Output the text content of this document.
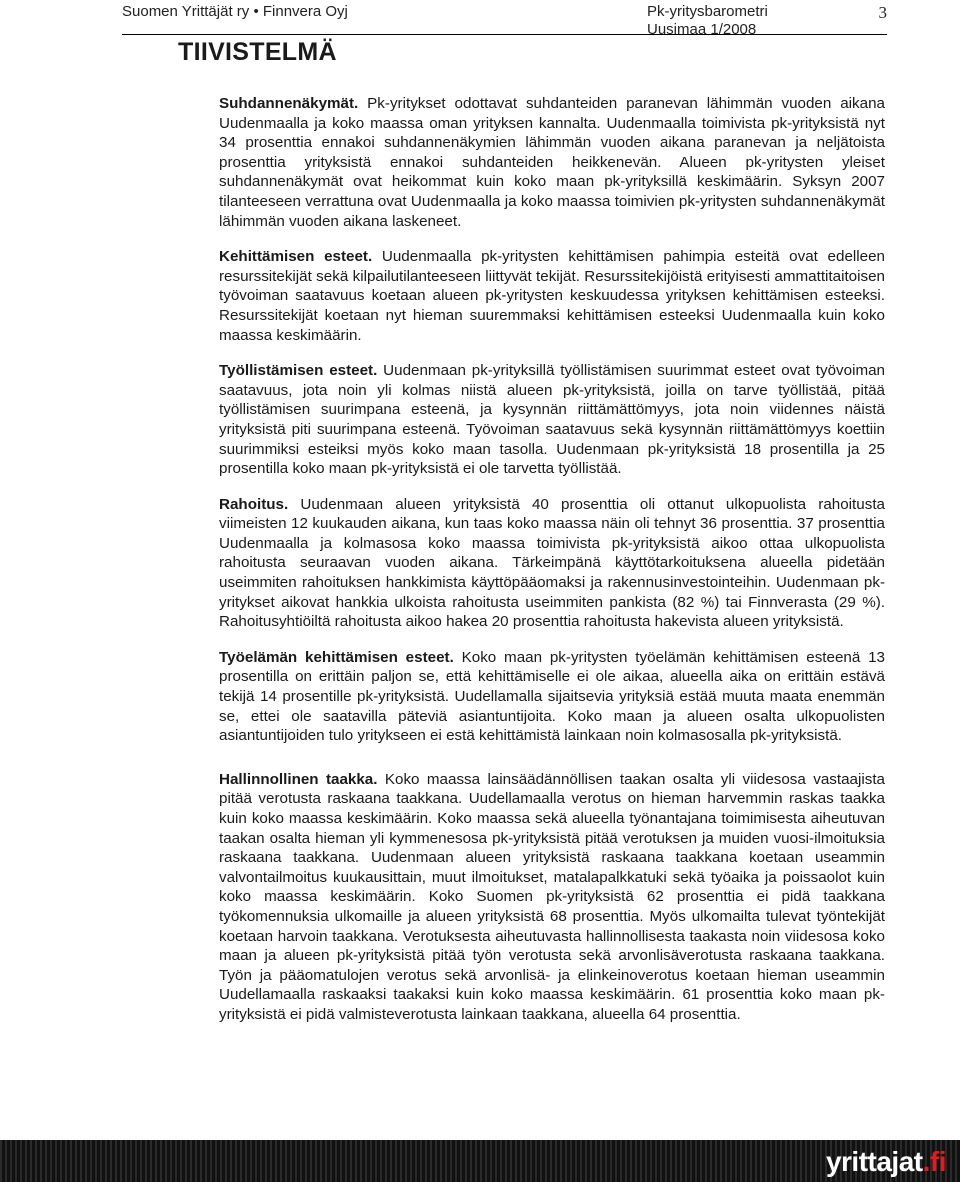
Suomen Yrittäjät ry • Finnvera Oyj	Pk-yritysbarometri
Uusimaa 1/2008
3
TIIVISTELMÄ

Suhdannenäkymät. Pk-yritykset odottavat suhdanteiden paranevan lähimmän vuoden aikana Uudenmaalla ja koko maassa oman yrityksen kannalta. Uudenmaalla toimivista pk-yrityksistä nyt 34 prosenttia ennakoi suhdannenäkymien lähimmän vuoden aikana paranevan ja neljätoista prosenttia yrityksistä ennakoi suhdanteiden heikkenevän. Alueen pk-yritysten yleiset suhdannenäkymät ovat heikommat kuin koko maan pk-yrityksillä keskimäärin. Syksyn 2007 tilanteeseen verrattuna ovat Uudenmaalla ja koko maassa toimivien pk-yritysten suhdannenäkymät lähimmän vuoden aikana laskeneet.

Kehittämisen esteet. Uudenmaalla pk-yritysten kehittämisen pahimpia esteitä ovat edelleen resurssitekijät sekä kilpailutilanteeseen liittyvät tekijät. Resurssitekijöistä erityisesti ammattitaitoisen työvoiman saatavuus koetaan alueen pk-yritysten keskuudessa yrityksen kehittämisen esteeksi. Resurssitekijät koetaan nyt hieman suuremmaksi kehittämisen esteeksi Uudenmaalla kuin koko maassa keskimäärin.

Työllistämisen esteet. Uudenmaan pk-yrityksillä työllistämisen suurimmat esteet ovat työvoiman saatavuus, jota noin yli kolmas niistä alueen pk-yrityksistä, joilla on tarve työllistää, pitää työllistämisen suurimpana esteenä, ja kysynnän riittämättömyys, jota noin viidennes näistä yrityksistä piti suurimpana esteenä. Työvoiman saatavuus sekä kysynnän riittämättömyys koettiin suurimmiksi esteiksi myös koko maan tasolla. Uudenmaan pk-yrityksistä 18 prosentilla ja 25 prosentilla koko maan pk-yrityksistä ei ole tarvetta työllistää.

Rahoitus. Uudenmaan alueen yrityksistä 40 prosenttia oli ottanut ulkopuolista rahoitusta viimeisten 12 kuukauden aikana, kun taas koko maassa näin oli tehnyt 36 prosenttia. 37 prosenttia Uudenmaalla ja kolmasosa koko maassa toimivista pk-yrityksistä aikoo ottaa ulkopuolista rahoitusta seuraavan vuoden aikana. Tärkeimpänä käyttötarkoituksena alueella pidetään useimmiten rahoituksen hankkimista käyttöpääomaksi ja rakennusinvestointeihin. Uudenmaan pk-yritykset aikovat hankkia ulkoista rahoitusta useimmiten pankista (82 %) tai Finnverasta (29 %). Rahoitusyhtiöiltä rahoitusta aikoo hakea 20 prosenttia rahoitusta hakevista alueen yrityksistä.

Työelämän kehittämisen esteet. Koko maan pk-yritysten työelämän kehittämisen esteenä 13 prosentilla on erittäin paljon se, että kehittämiselle ei ole aikaa, alueella aika on erittäin estävä tekijä 14 prosentille pk-yrityksistä. Uudellamalla sijaitsevia yrityksiä estää muuta maata enemmän se, ettei ole saatavilla päteviä asiantuntijoita. Koko maan ja alueen osalta ulkopuolisten asiantuntijoiden tulo yritykseen ei estä kehittämistä lainkaan noin kolmasosalla pk-yrityksistä.

Hallinnollinen taakka. Koko maassa lainsäädännöllisen taakan osalta yli viidesosa vastaajista pitää verotusta raskaana taakkana. Uudellamaalla verotus on hieman harvemmin raskas taakka kuin koko maassa keskimäärin. Koko maassa sekä alueella työnantajana toimimisesta aiheutuvan taakan osalta hieman yli kymmenesosa pk-yrityksistä pitää verotuksen ja muiden vuosi-ilmoituksia raskaana taakkana. Uudenmaan alueen yrityksistä raskaana taakkana koetaan useammin valvontailmoitus kuukausittain, muut ilmoitukset, matalapalkkatuki sekä työaika ja poissaolot kuin koko maassa keskimäärin. Koko Suomen pk-yrityksistä 62 prosenttia ei pidä taakkana työkomennuksia ulkomaille ja alueen yrityksistä 68 prosenttia. Myös ulkomailta tulevat työntekijät koetaan harvoin taakkana. Verotuksesta aiheutuvasta hallinnollisesta taakasta noin viidesosa koko maan ja alueen pk-yrityksistä pitää työn verotusta sekä arvonlisäverotusta raskaana taakkana. Työn ja pääomatulojen verotus sekä arvonlisä- ja elinkeinoverotus koetaan hieman useammin Uudellamaalla raskaaksi taakaksi kuin koko maassa keskimäärin. 61 prosenttia koko maan pk-yrityksistä ei pidä valmisteverotusta lainkaan taakkana, alueella 64 prosenttia.

yrittajat.fi
